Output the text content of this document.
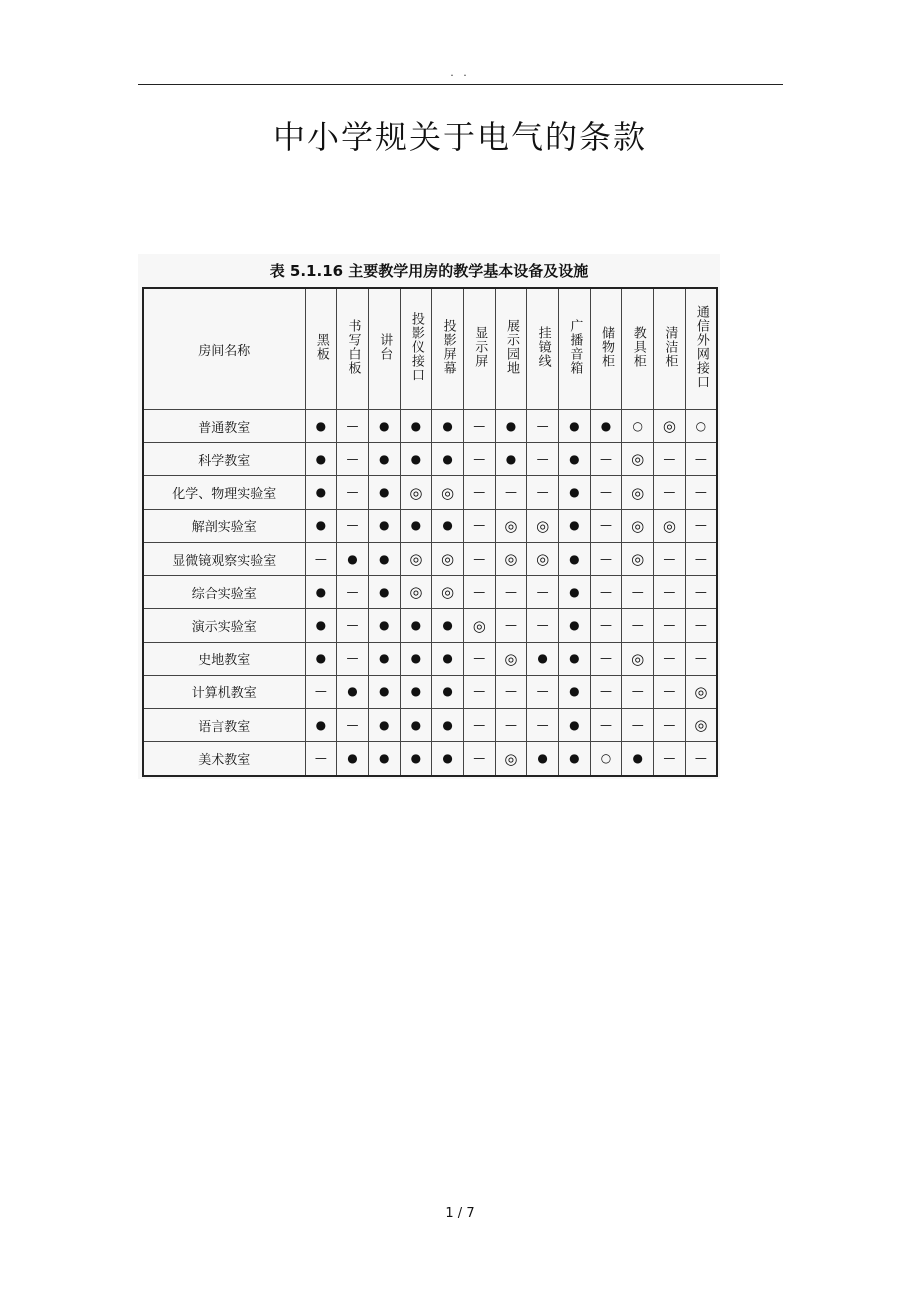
. .
中小学规关于电气的条款
表 5.1.16 主要教学用房的教学基本设备及设施
房间名称	黑板	书写白板	讲台	投影仪接口	投影屏幕	显示屏	展示园地	挂镜线	广播音箱	储物柜	教具柜	清洁柜	通信外网接口
普通教室	●	—	●	●	●	—	●	—	●	●	○	◎	○
科学教室	●	—	●	●	●	—	●	—	●	—	◎	—	—
化学、物理实验室	●	—	●	◎	◎	—	—	—	●	—	◎	—	—
解剖实验室	●	—	●	●	●	—	◎	◎	●	—	◎	◎	—
显微镜观察实验室	—	●	●	◎	◎	—	◎	◎	●	—	◎	—	—
综合实验室	●	—	●	◎	◎	—	—	—	●	—	—	—	—
演示实验室	●	—	●	●	●	◎	—	—	●	—	—	—	—
史地教室	●	—	●	●	●	—	◎	●	●	—	◎	—	—
计算机教室	—	●	●	●	●	—	—	—	●	—	—	—	◎
语言教室	●	—	●	●	●	—	—	—	●	—	—	—	◎
美术教室	—	●	●	●	●	—	◎	●	●	○	●	—	—
1 / 7
